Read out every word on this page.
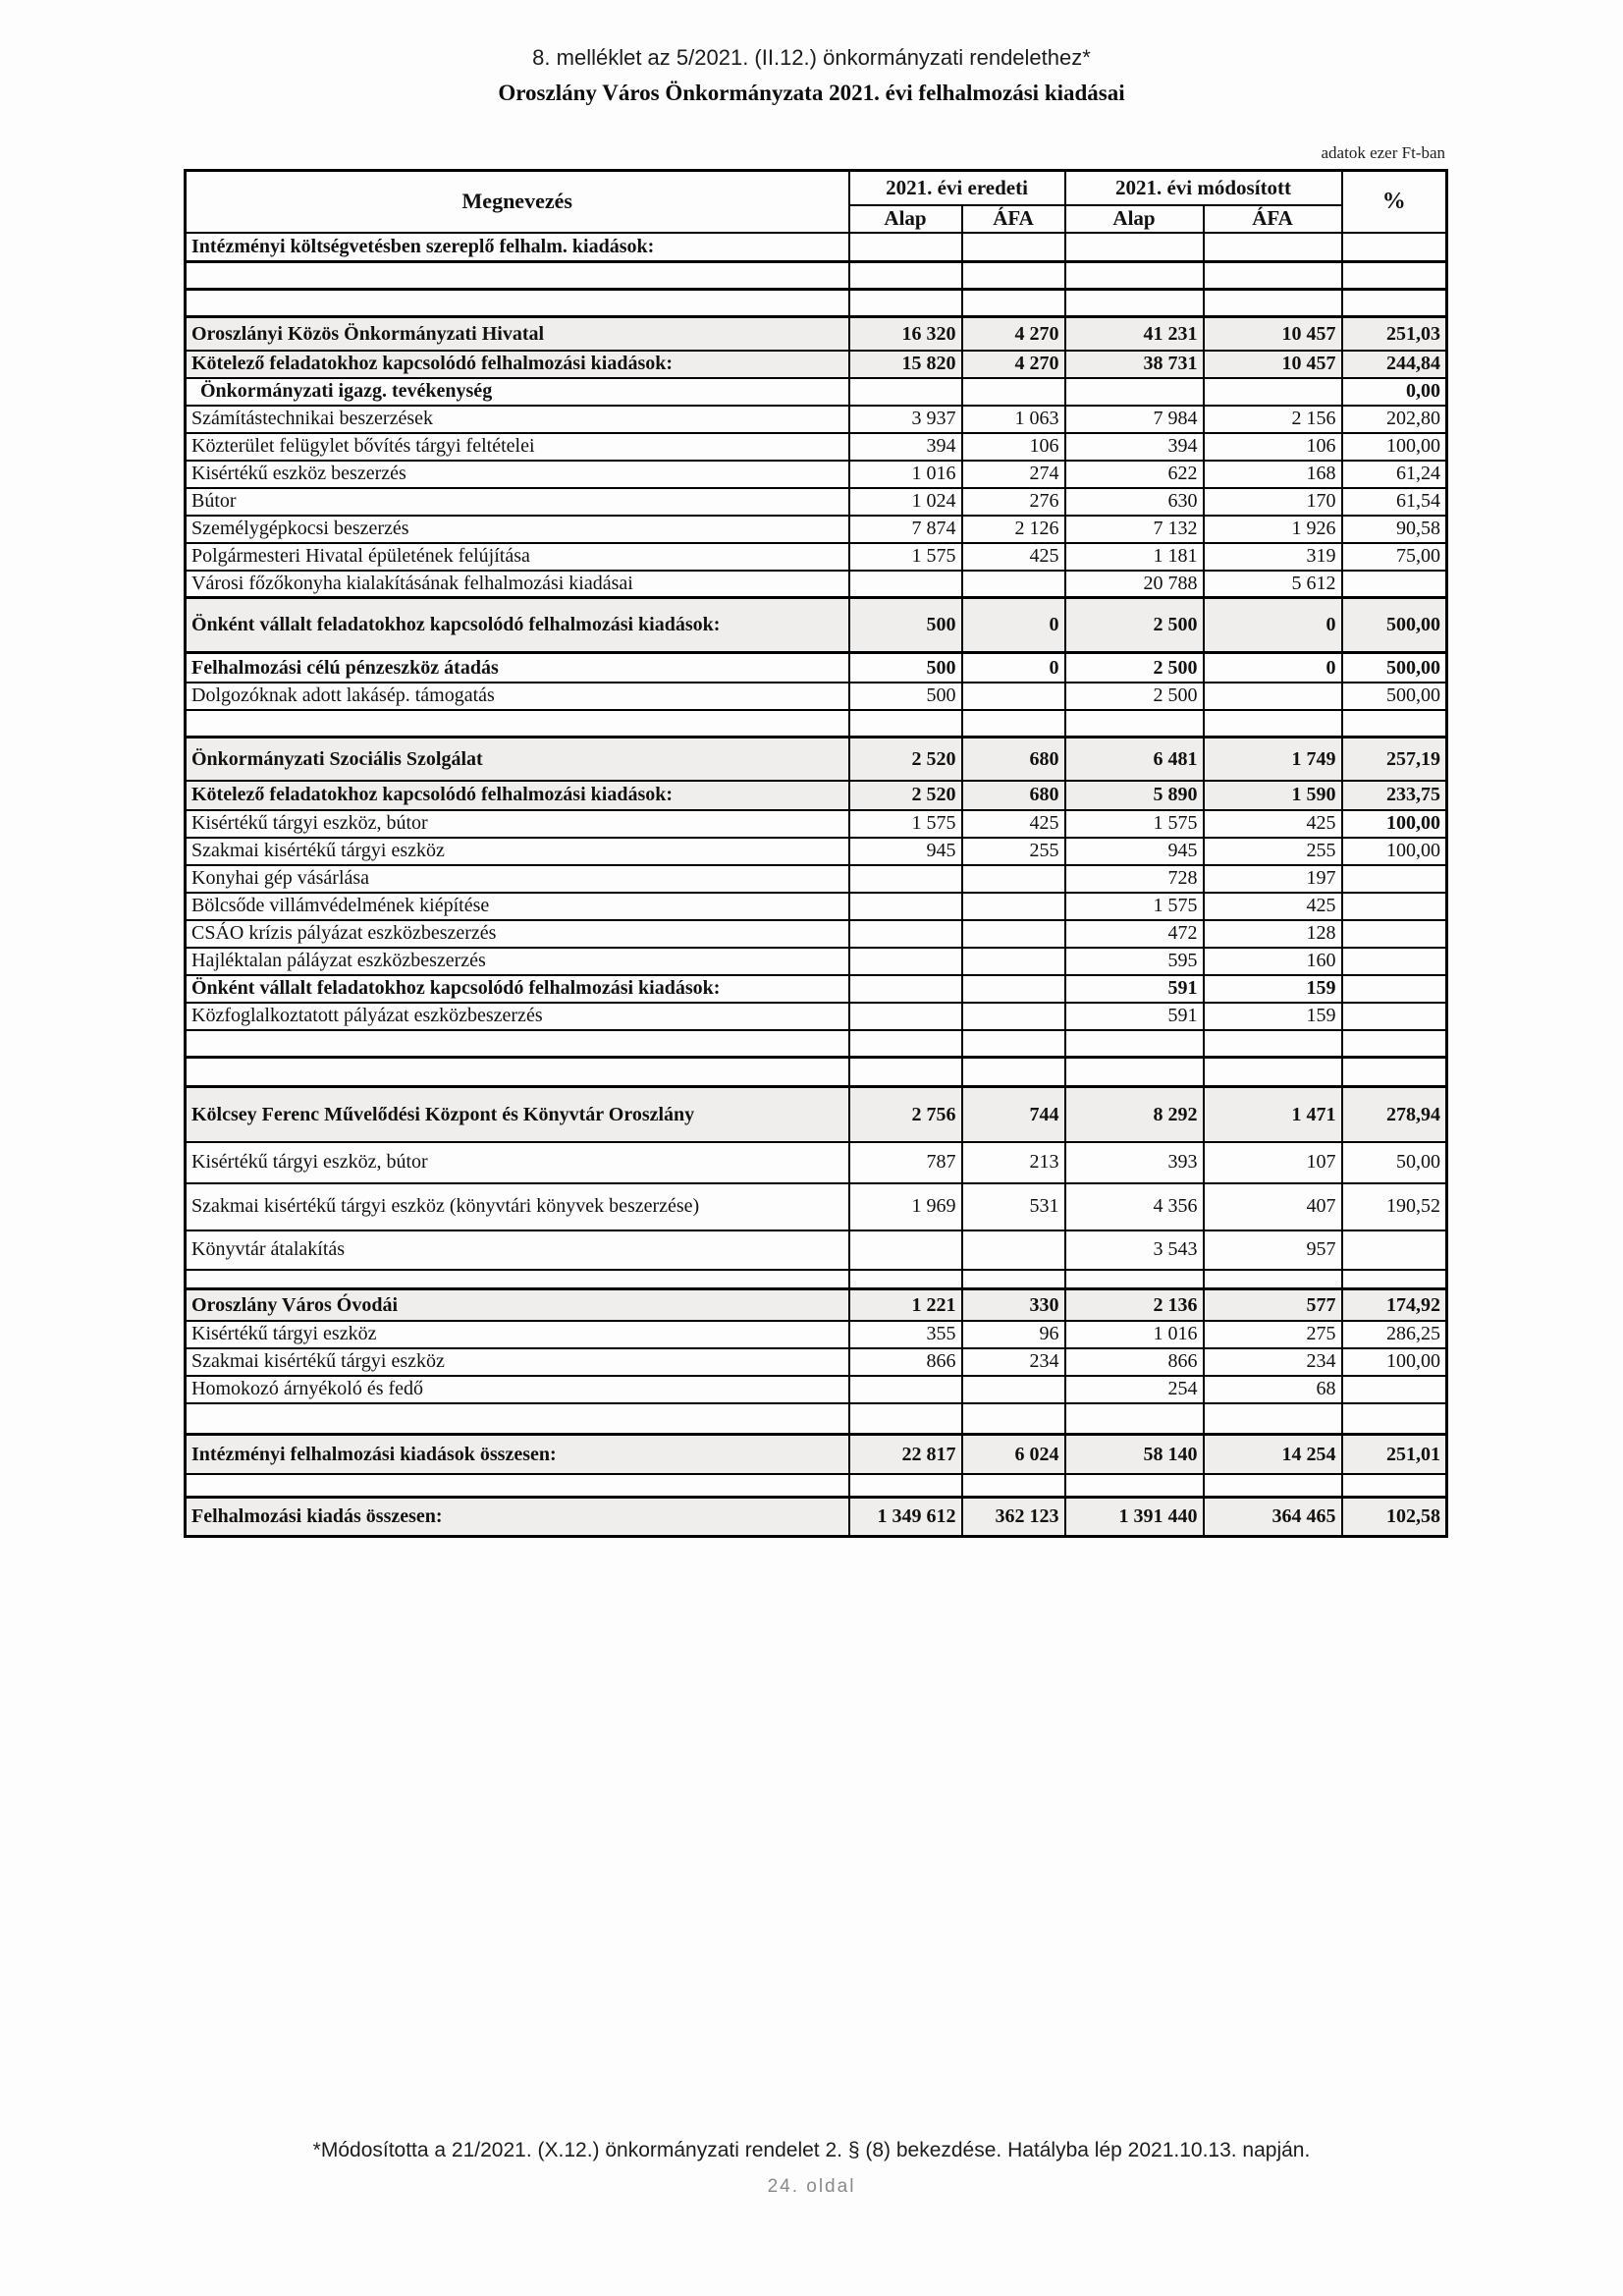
8. melléklet az 5/2021. (II.12.) önkormányzati rendelethez*
Oroszlány Város Önkormányzata 2021. évi felhalmozási kiadásai
adatok ezer Ft-ban
Megnevezés	2021. évi eredeti		2021. évi módosított		%
	Alap	ÁFA	Alap	ÁFA	
Intézményi költségvetésben szereplő felhalm. kiadások:					

Oroszlányi Közös Önkormányzati Hivatal	16 320	4 270	41 231	10 457	251,03
Kötelező feladatokhoz kapcsolódó felhalmozási kiadások:	15 820	4 270	38 731	10 457	244,84
Önkormányzati igazg. tevékenység					0,00
Számítástechnikai beszerzések	3 937	1 063	7 984	2 156	202,80
Közterület felügylet bővítés tárgyi feltételei	394	106	394	106	100,00
Kisértékű eszköz beszerzés	1 016	274	622	168	61,24
Bútor	1 024	276	630	170	61,54
Személygépkocsi beszerzés	7 874	2 126	7 132	1 926	90,58
Polgármesteri Hivatal épületének felújítása	1 575	425	1 181	319	75,00
Városi főzőkonyha kialakításának felhalmozási kiadásai			20 788	5 612	
Önként vállalt feladatokhoz kapcsolódó felhalmozási kiadások:	500	0	2 500	0	500,00
Felhalmozási célú pénzeszköz átadás	500	0	2 500	0	500,00
Dolgozóknak adott lakásép. támogatás	500		2 500		500,00

Önkormányzati Szociális Szolgálat	2 520	680	6 481	1 749	257,19
Kötelező feladatokhoz kapcsolódó felhalmozási kiadások:	2 520	680	5 890	1 590	233,75
Kisértékű tárgyi eszköz, bútor	1 575	425	1 575	425	100,00
Szakmai kisértékű tárgyi eszköz	945	255	945	255	100,00
Konyhai gép vásárlása			728	197	
Bölcsőde villámvédelmének kiépítése			1 575	425	
CSÁO krízis pályázat eszközbeszerzés			472	128	
Hajléktalan páláyzat eszközbeszerzés			595	160	
Önként vállalt feladatokhoz kapcsolódó felhalmozási kiadások:			591	159	
Közfoglalkoztatott pályázat eszközbeszerzés			591	159	

Kölcsey Ferenc Művelődési Központ és Könyvtár Oroszlány	2 756	744	8 292	1 471	278,94
Kisértékű tárgyi eszköz, bútor	787	213	393	107	50,00
Szakmai kisértékű tárgyi eszköz (könyvtári könyvek beszerzése)	1 969	531	4 356	407	190,52
Könyvtár átalakítás			3 543	957	

Oroszlány Város Óvodái	1 221	330	2 136	577	174,92
Kisértékű tárgyi eszköz	355	96	1 016	275	286,25
Szakmai kisértékű tárgyi eszköz	866	234	866	234	100,00
Homokozó árnyékoló és fedő			254	68	

Intézményi felhalmozási kiadások összesen:	22 817	6 024	58 140	14 254	251,01

Felhalmozási kiadás összesen:	1 349 612	362 123	1 391 440	364 465	102,58
*Módosította a 21/2021. (X.12.) önkormányzati rendelet 2. § (8) bekezdése. Hatályba lép 2021.10.13. napján.
24. oldal
